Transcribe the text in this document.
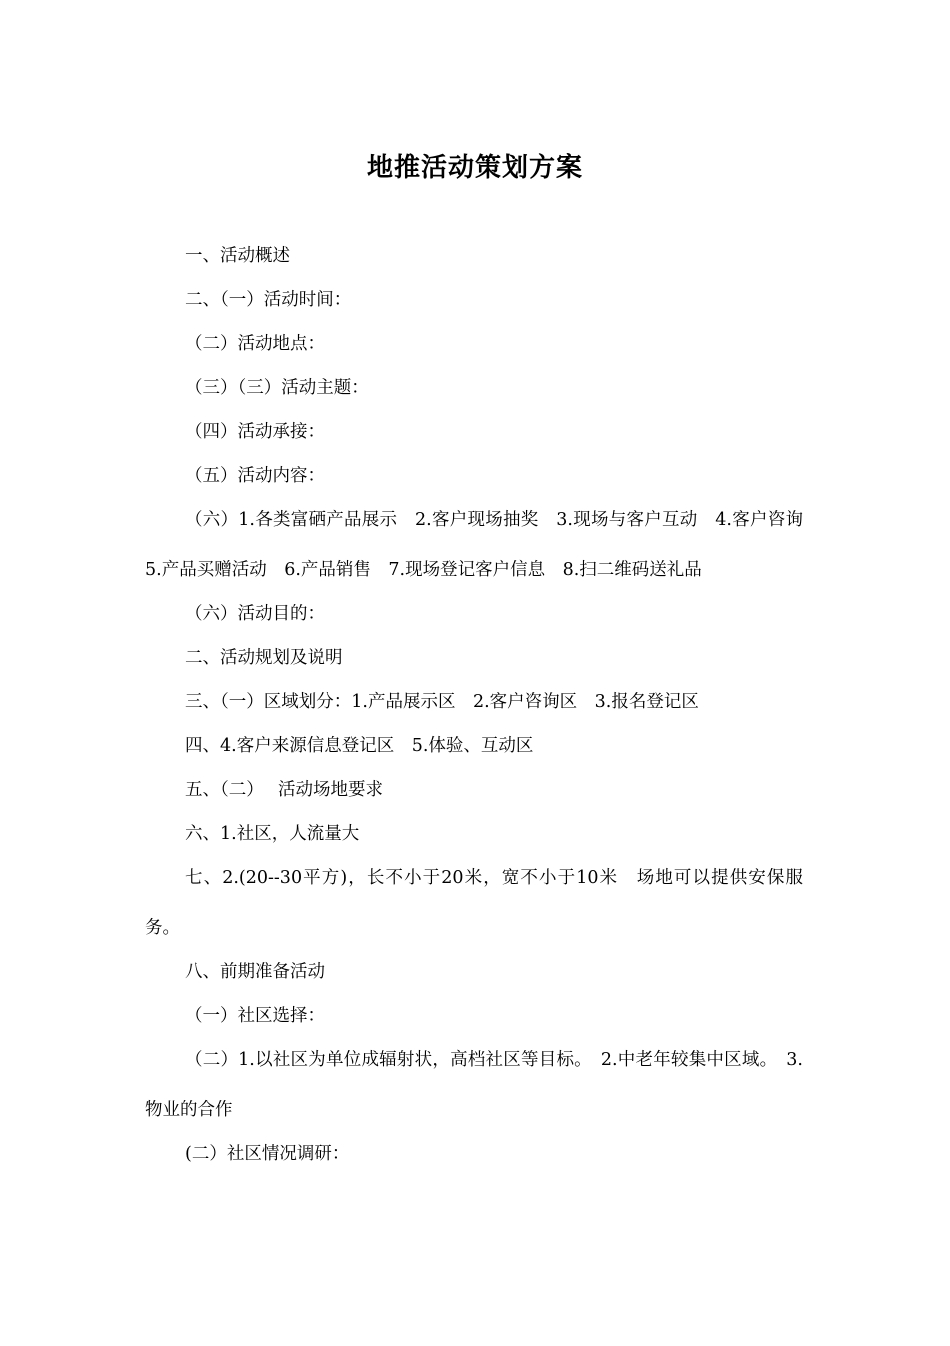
地推活动策划方案

一、活动概述

二、（一）活动时间：

（二）活动地点：

（三）（三）活动主题：

（四）活动承接：

（五）活动内容：

（六）1.各类富硒产品展示　2.客户现场抽奖　3.现场与客户互动　4.客户咨询　5.产品买赠活动　6.产品销售　7.现场登记客户信息　8.扫二维码送礼品

（六）活动目的：

二、活动规划及说明

三、（一）区域划分：1.产品展示区　2.客户咨询区　3.报名登记区

四、4.客户来源信息登记区　5.体验、互动区

五、（二）　 活动场地要求

六、1.社区，人流量大

七、2.(20--30平方)，长不小于20米，宽不小于10米　场地可以提供安保服务。

八、前期准备活动

（一）社区选择：

（二）1.以社区为单位成辐射状，高档社区等目标。　2.中老年较集中区域。　3.物业的合作

(二）社区情况调研：
